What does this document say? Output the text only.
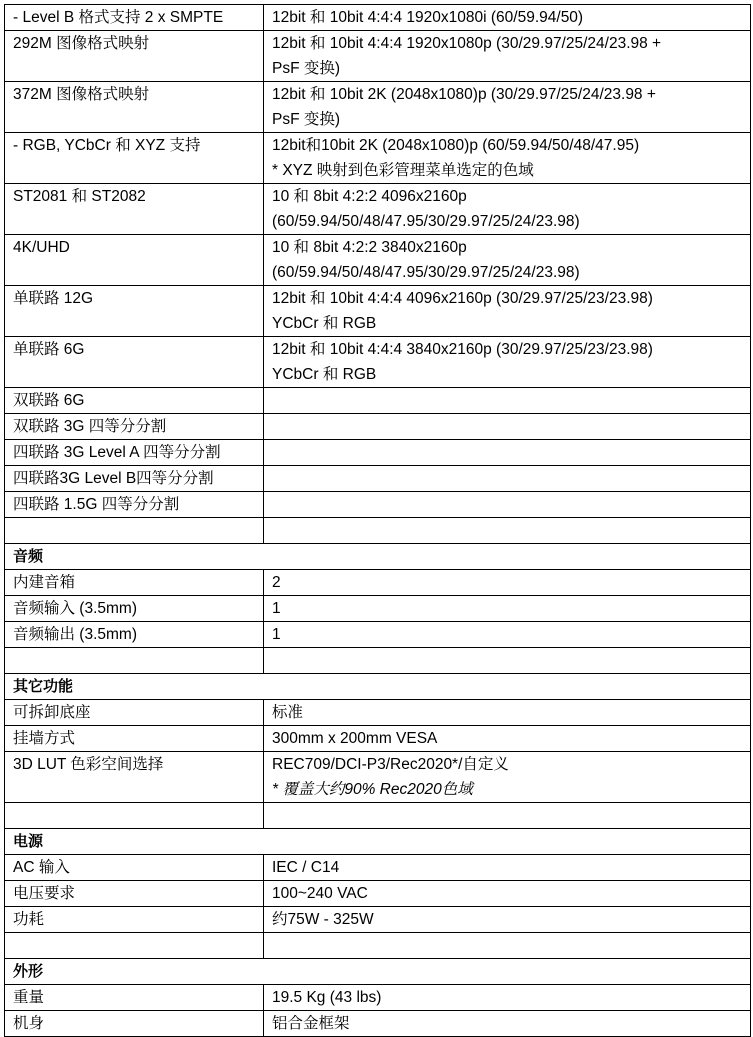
- Level B 格式支持 2 x SMPTE	12bit 和 10bit 4:4:4 1920x1080i (60/59.94/50)

292M 图像格式映射	12bit 和 10bit 4:4:4 1920x1080p (30/29.97/25/24/23.98 +
PsF 变换)

372M 图像格式映射	12bit 和 10bit 2K (2048x1080)p (30/29.97/25/24/23.98 +
PsF 变换)

- RGB, YCbCr 和 XYZ 支持	12bit和10bit 2K (2048x1080)p (60/59.94/50/48/47.95)
* XYZ 映射到色彩管理菜单选定的色域

ST2081 和 ST2082	10 和 8bit 4:2:2 4096x2160p
(60/59.94/50/48/47.95/30/29.97/25/24/23.98)

4K/UHD	10 和 8bit 4:2:2 3840x2160p
(60/59.94/50/48/47.95/30/29.97/25/24/23.98)

单联路 12G	12bit 和 10bit 4:4:4 4096x2160p (30/29.97/25/23/23.98)
YCbCr 和 RGB

单联路 6G	12bit 和 10bit 4:4:4 3840x2160p (30/29.97/25/23/23.98)
YCbCr 和 RGB

双联路 6G	
双联路 3G 四等分分割	
四联路 3G Level A 四等分分割	
四联路3G Level B四等分分割	
四联路 1.5G 四等分分割	

音频	
内建音箱	2
音频输入 (3.5mm)	1
音频输出 (3.5mm)	1

其它功能	
可拆卸底座	标准
挂墙方式	300mm x 200mm VESA
3D LUT 色彩空间选择	REC709/DCI-P3/Rec2020*/自定义
* 覆盖大约90% Rec2020色域

电源	
AC 输入	IEC / C14
电压要求	100~240 VAC
功耗	约75W - 325W

外形	
重量	19.5 Kg (43 lbs)
机身	铝合金框架
